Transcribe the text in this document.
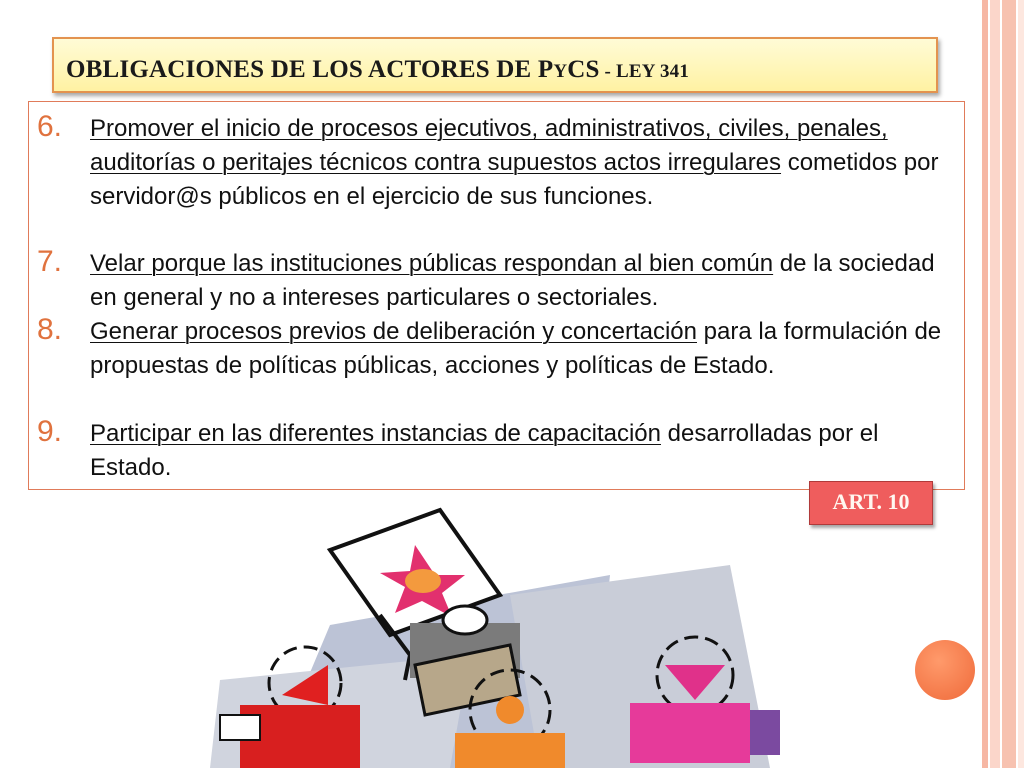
OBLIGACIONES DE LOS ACTORES DE PYCS - LEY 341
6.	Promover el inicio de procesos ejecutivos, administrativos, civiles, penales, auditorías o peritajes técnicos contra supuestos actos irregulares cometidos por servidor@s públicos en el ejercicio de sus funciones.
7.	Velar porque las instituciones públicas respondan al bien común de la sociedad en general y no a intereses particulares o sectoriales.
8.	Generar procesos previos de deliberación y concertación para la formulación de propuestas de políticas públicas, acciones y políticas de Estado.
9.	Participar en las diferentes instancias de capacitación desarrolladas por el Estado.
ART. 10
